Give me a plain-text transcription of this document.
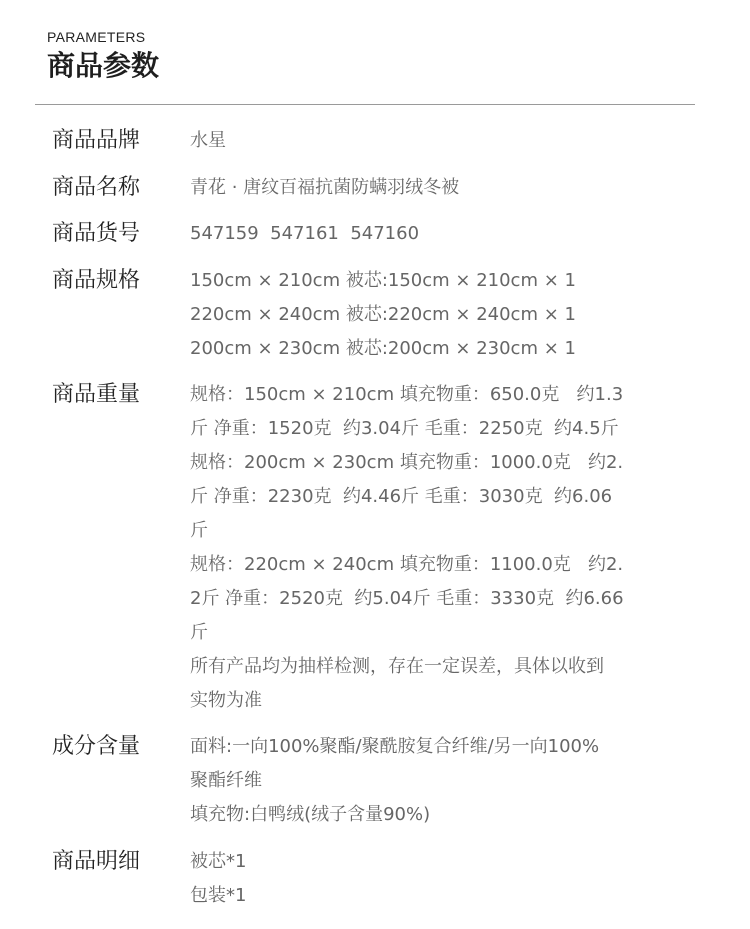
PARAMETERS
商品参数
商品品牌	水星
商品名称	青花 · 唐纹百福抗菌防螨羽绒冬被
商品货号	547159  547161  547160
商品规格	150cm × 210cm 被芯:150cm × 210cm × 1
220cm × 240cm 被芯:220cm × 240cm × 1
200cm × 230cm 被芯:200cm × 230cm × 1
商品重量	规格：150cm × 210cm 填充物重：650.0克   约1.3
斤 净重：1520克  约3.04斤 毛重：2250克  约4.5斤
规格：200cm × 230cm 填充物重：1000.0克   约2.
斤 净重：2230克  约4.46斤 毛重：3030克  约6.06
斤
规格：220cm × 240cm 填充物重：1100.0克   约2.
2斤 净重：2520克  约5.04斤 毛重：3330克  约6.66
斤
所有产品均为抽样检测，存在一定误差，具体以收到
实物为准
成分含量	面料:一向100%聚酯/聚酰胺复合纤维/另一向100%
聚酯纤维
填充物:白鸭绒(绒子含量90%)
商品明细	被芯*1
包装*1
